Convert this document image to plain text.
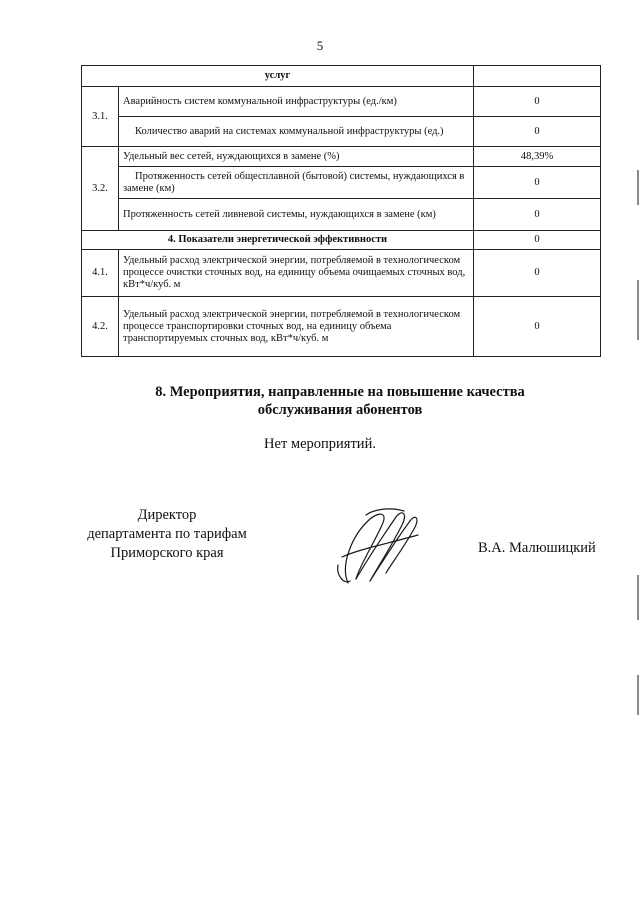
5
услуг		
3.1.	Аварийность систем коммунальной инфраструктуры (ед./км)	0
	Количество аварий на системах коммунальной инфраструктуры (ед.)	0
3.2.	Удельный вес сетей, нуждающихся в замене (%)	48,39%
	Протяженность сетей общесплавной (бытовой) системы, нуждающихся в замене (км)	0
	Протяженность сетей ливневой системы, нуждающихся в замене (км)	0
4. Показатели энергетической эффективности		0
4.1.	Удельный расход электрической энергии, потребляемой в технологическом процессе очистки сточных вод, на единицу объема очищаемых сточных вод, кВт*ч/куб. м	0
4.2.	Удельный расход электрической энергии, потребляемой в технологическом процессе транспортировки сточных вод, на единицу объема транспортируемых сточных вод, кВт*ч/куб. м	0
8. Мероприятия, направленные на повышение качества
обслуживания абонентов
Нет мероприятий.
Директор
департамента по тарифам
Приморского края	В.А. Малюшицкий
